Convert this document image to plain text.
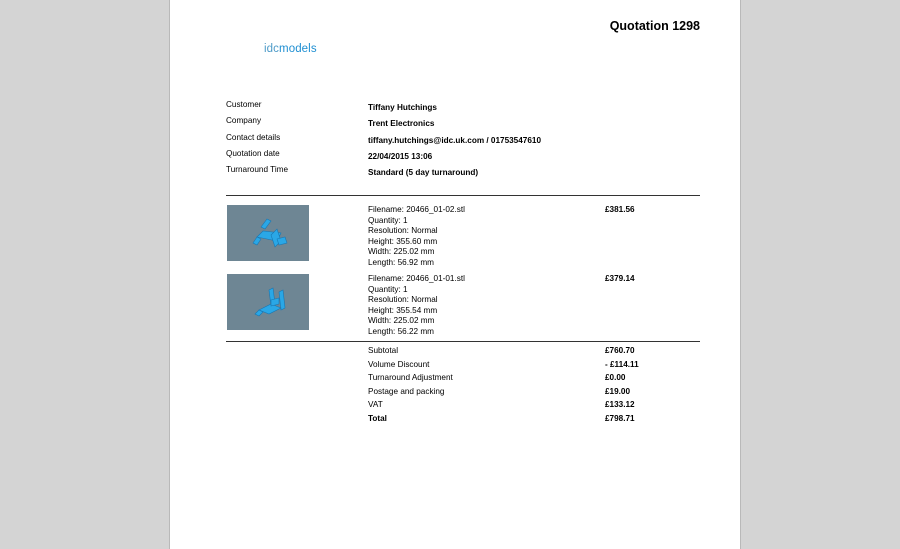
Quotation 1298
idcmodels
Customer	Tiffany Hutchings
Company	Trent Electronics
Contact details	tiffany.hutchings@idc.uk.com / 01753547610
Quotation date	22/04/2015 13:06
Turnaround Time	Standard (5 day turnaround)
Filename: 20466_01-02.stl
Quantity: 1
Resolution: Normal
Height: 355.60 mm
Width: 225.02 mm
Length: 56.92 mm
£381.56
Filename: 20466_01-01.stl
Quantity: 1
Resolution: Normal
Height: 355.54 mm
Width: 225.02 mm
Length: 56.22 mm
£379.14
Subtotal	£760.70
Volume Discount	- £114.11
Turnaround Adjustment	£0.00
Postage and packing	£19.00
VAT	£133.12
Total	£798.71
